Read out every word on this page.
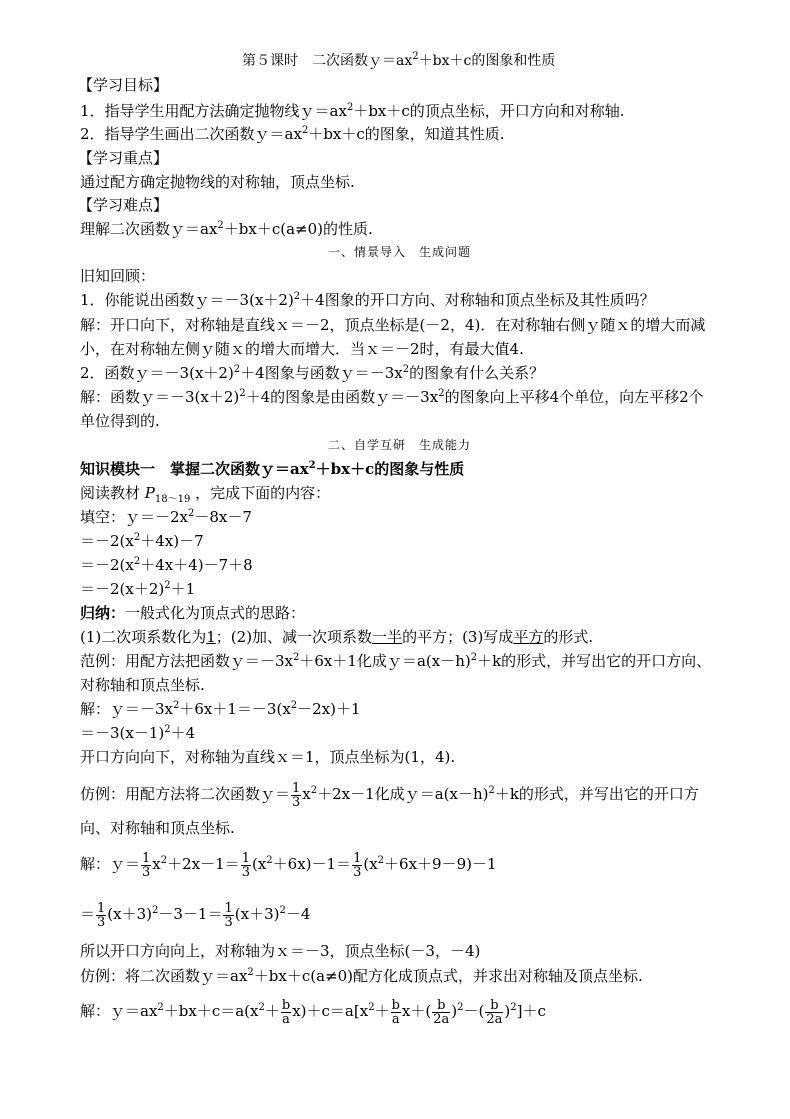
第５课时　二次函数$y=ax^2+bx+c$的图象和性质
【学习目标】
1．指导学生用配方法确定抛物线$y=ax^2+bx+c$的顶点坐标，开口方向和对称轴.
2．指导学生画出二次函数$y=ax^2+bx+c$的图象，知道其性质.
【学习重点】
通过配方确定抛物线的对称轴，顶点坐标.
【学习难点】
理解二次函数$y=ax^2+bx+c(a\ne 0)$的性质.
一、情景导入　生成问题
旧知回顾：
1．你能说出函数$y=-3(x+2)^2+4$图象的开口方向、对称轴和顶点坐标及其性质吗？
解：开口向下，对称轴是直线ｘ＝－2，顶点坐标是(－2，4)．在对称轴右侧ｙ随ｘ的增大而减
小，在对称轴左侧ｙ随ｘ的增大而增大．当ｘ＝－2时，有最大值4.
2．函数$y=-3(x+2)^2+4$图象与函数$y=-3x^2$的图象有什么关系？
解：函数$y=-3(x+2)^2+4$的图象是由函数$y=-3x^2$的图象向上平移4个单位，向左平移2个
单位得到的.
二、自学互研　生成能力
知识模块一　掌握二次函数$y=ax^2+bx+c$的图象与性质
阅读教材 $P_{18\sim 19}$ ，完成下面的内容：
填空：$y=-2x^2-8x-7$
$=-2(x^2+4x)-7$
$=-2(x^2+4x+4)-7+8$
$=-2(x+2)^2+1$
归纳：一般式化为顶点式的思路：
(1)二次项系数化为1；(2)加、减一次项系数一半的平方；(3)写成平方的形式.
范例：用配方法把函数$y=-3x^2+6x+1$化成$y=a(x-h)^2+k$的形式，并写出它的开口方向、
对称轴和顶点坐标.
解：$y=-3x^2+6x+1=-3(x^2-2x)+1$
$=-3(x-1)^2+4$
开口方向向下，对称轴为直线ｘ＝1，顶点坐标为(1，4).
仿例：用配方法将二次函数ｙ＝ $\frac{1}{3} x^2+2x-1$化成$y=a(x-h)^2+k$的形式，并写出它的开口方
向、对称轴和顶点坐标.
解：ｙ＝ $\frac{1}{3} x^2+2x-1= \frac{1}{3} (x^2+6x)-1= \frac{1}{3} (x^2+6x+9-9)-1$
＝ $\frac{1}{3} (x+3)^2-3-1= \frac{1}{3} (x+3)^2-4$
所以开口方向向上，对称轴为ｘ＝－3，顶点坐标(－3，－4)
仿例：将二次函数$y=ax^2+bx+c(a\ne 0)$配方化成顶点式，并求出对称轴及顶点坐标.
解：$y=ax^2+bx+c=a(x^2+ \frac{b}{a} x)+c=a[x^2+ \frac{b}{a} x+( \frac{b}{2a} )^2-( \frac{b}{2a} )^2]+c$
